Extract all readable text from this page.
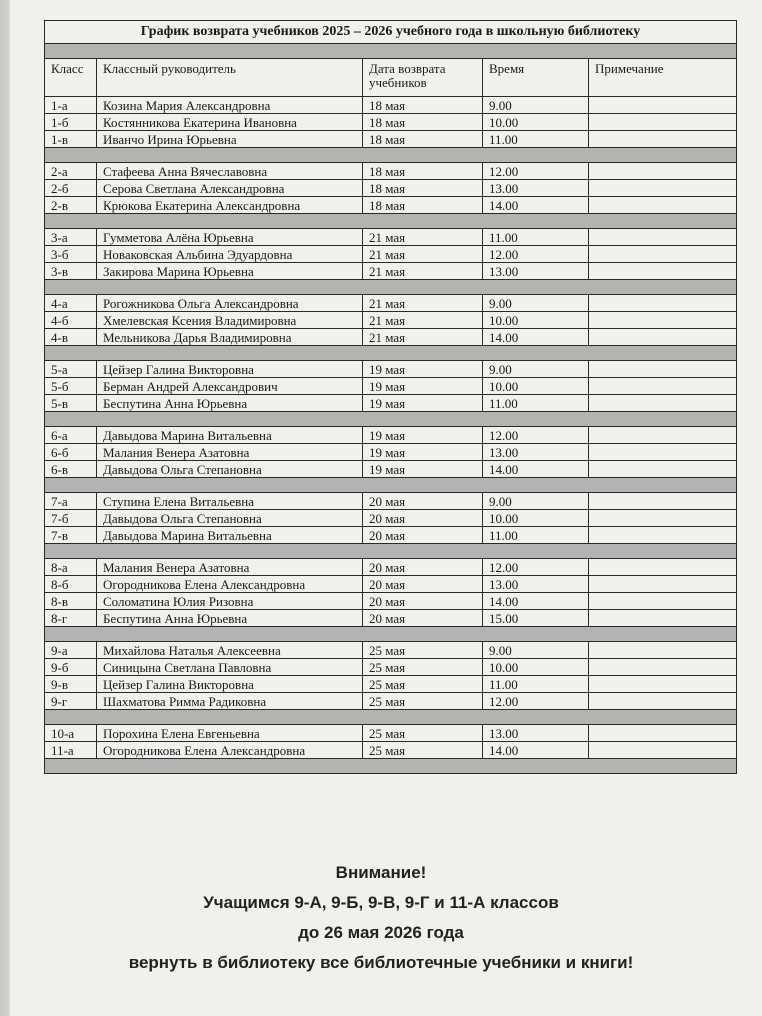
График возврата учебников 2025 – 2026 учебного года в школьную библиотеку				

Класс	Классный руководитель	Дата возврата учебников	Время	Примечание
1-а	Козина Мария Александровна	18 мая	9.00	
1-б	Костянникова Екатерина Ивановна	18 мая	10.00	
1-в	Иванчо Ирина Юрьевна	18 мая	11.00	

2-а	Стафеева Анна Вячеславовна	18 мая	12.00	
2-б	Серова Светлана Александровна	18 мая	13.00	
2-в	Крюкова Екатерина Александровна	18 мая	14.00	

3-а	Гумметова Алёна Юрьевна	21 мая	11.00	
3-б	Новаковская Альбина Эдуардовна	21 мая	12.00	
3-в	Закирова Марина Юрьевна	21 мая	13.00	

4-а	Рогожникова Ольга Александровна	21 мая	9.00	
4-б	Хмелевская Ксения Владимировна	21 мая	10.00	
4-в	Мельникова Дарья Владимировна	21 мая	14.00	

5-а	Цейзер Галина Викторовна	19 мая	9.00	
5-б	Берман Андрей Александрович	19 мая	10.00	
5-в	Беспутина Анна Юрьевна	19 мая	11.00	

6-а	Давыдова Марина Витальевна	19 мая	12.00	
6-б	Малания Венера Азатовна	19 мая	13.00	
6-в	Давыдова Ольга Степановна	19 мая	14.00	

7-а	Ступина Елена Витальевна	20 мая	9.00	
7-б	Давыдова Ольга Степановна	20 мая	10.00	
7-в	Давыдова Марина Витальевна	20 мая	11.00	

8-а	Малания Венера Азатовна	20 мая	12.00	
8-б	Огородникова Елена Александровна	20 мая	13.00	
8-в	Соломатина Юлия Ризовна	20 мая	14.00	
8-г	Беспутина Анна Юрьевна	20 мая	15.00	

9-а	Михайлова Наталья Алексеевна	25 мая	9.00	
9-б	Синицына Светлана Павловна	25 мая	10.00	
9-в	Цейзер Галина Викторовна	25 мая	11.00	
9-г	Шахматова Римма Радиковна	25 мая	12.00	

10-а	Порохина Елена Евгеньевна	25 мая	13.00	
11-а	Огородникова Елена Александровна	25 мая	14.00	

Внимание!
Учащимся 9-А, 9-Б, 9-В, 9-Г и 11-А классов
до 26 мая 2026 года
вернуть в библиотеку все библиотечные учебники и книги!
